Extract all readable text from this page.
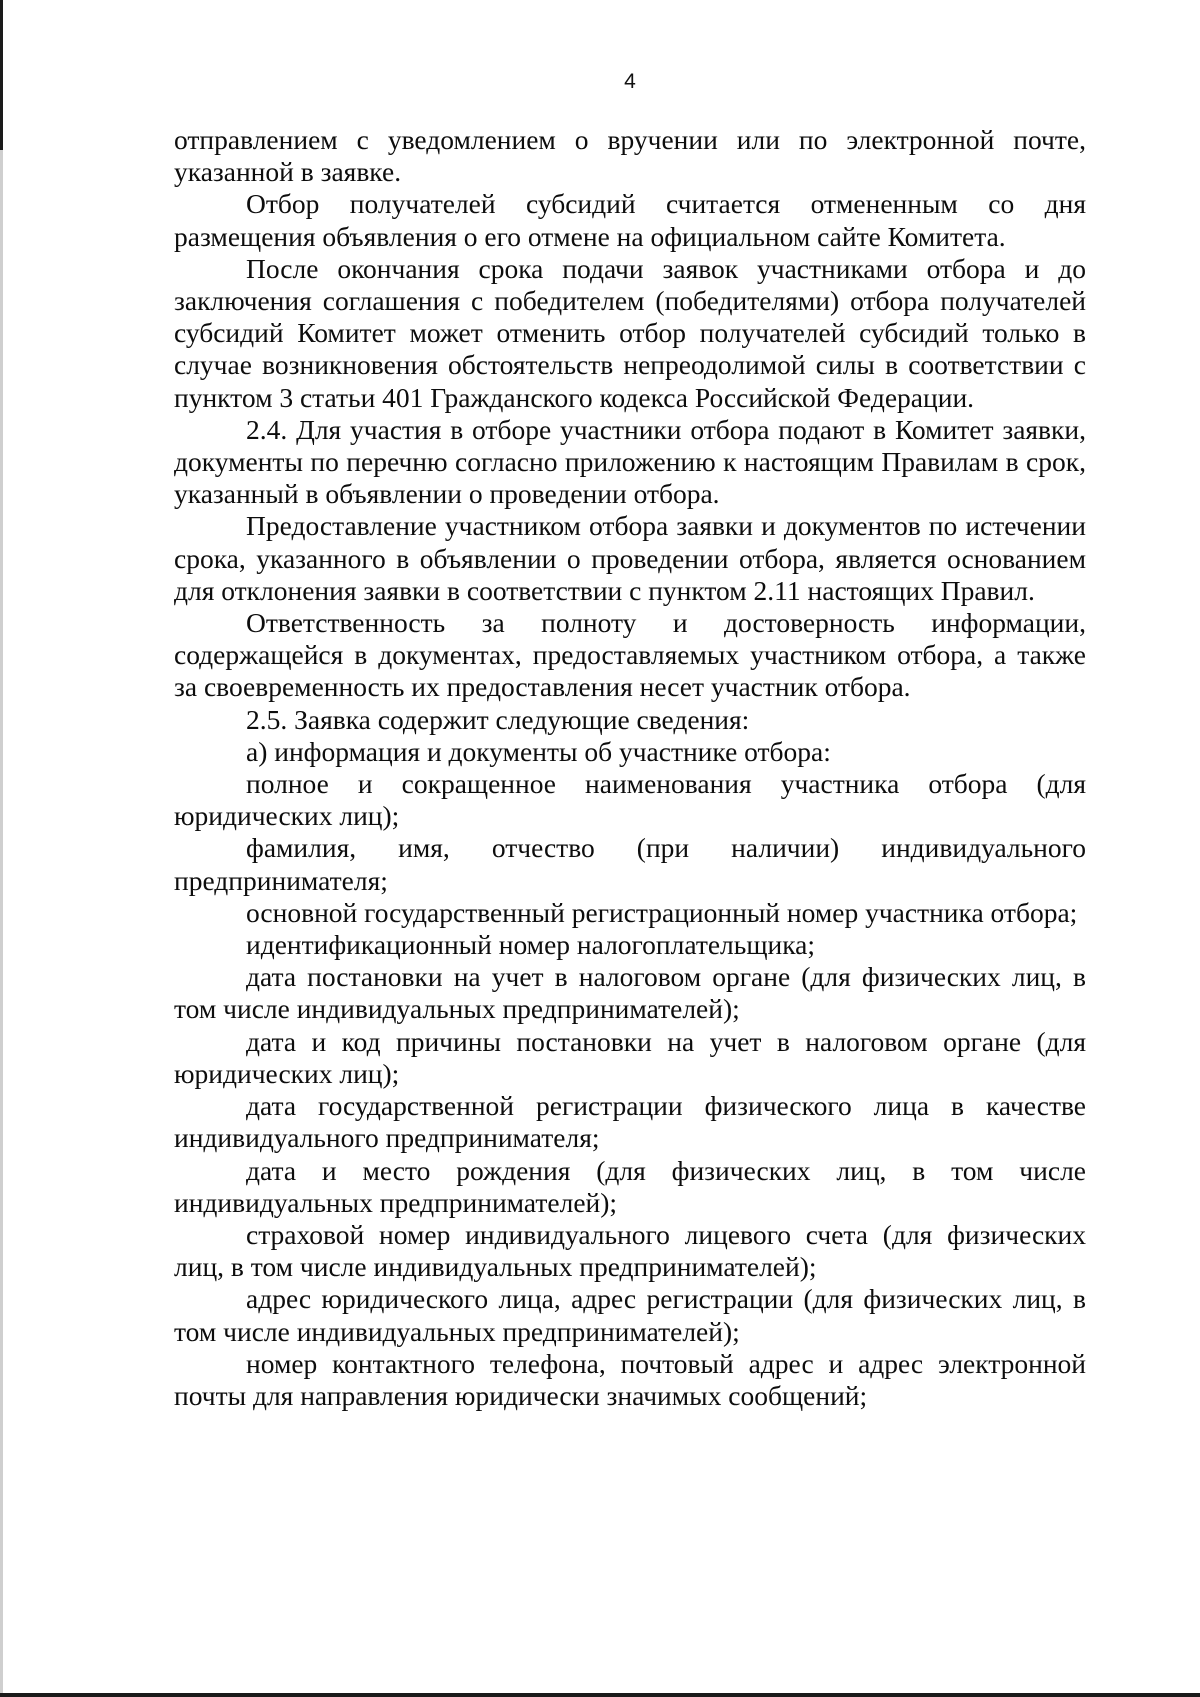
4

отправлением с уведомлением о вручении или по электронной почте, указанной в заявке.

Отбор получателей субсидий считается отмененным со дня размещения объявления о его отмене на официальном сайте Комитета.

После окончания срока подачи заявок участниками отбора и до заключения соглашения с победителем (победителями) отбора получателей субсидий Комитет может отменить отбор получателей субсидий только в случае возникновения обстоятельств непреодолимой силы в соответствии с пунктом 3 статьи 401 Гражданского кодекса Российской Федерации.

2.4. Для участия в отборе участники отбора подают в Комитет заявки, документы по перечню согласно приложению к настоящим Правилам в срок, указанный в объявлении о проведении отбора.

Предоставление участником отбора заявки и документов по истечении срока, указанного в объявлении о проведении отбора, является основанием для отклонения заявки в соответствии с пунктом 2.11 настоящих Правил.

Ответственность за полноту и достоверность информации, содержащейся в документах, предоставляемых участником отбора, а также за своевременность их предоставления несет участник отбора.

2.5. Заявка содержит следующие сведения:

а) информация и документы об участнике отбора:

полное и сокращенное наименования участника отбора (для юридических лиц);

фамилия, имя, отчество (при наличии) индивидуального предпринимателя;

основной государственный регистрационный номер участника отбора;

идентификационный номер налогоплательщика;

дата постановки на учет в налоговом органе (для физических лиц, в том числе индивидуальных предпринимателей);

дата и код причины постановки на учет в налоговом органе (для юридических лиц);

дата государственной регистрации физического лица в качестве индивидуального предпринимателя;

дата и место рождения (для физических лиц, в том числе индивидуальных предпринимателей);

страховой номер индивидуального лицевого счета (для физических лиц, в том числе индивидуальных предпринимателей);

адрес юридического лица, адрес регистрации (для физических лиц, в том числе индивидуальных предпринимателей);

номер контактного телефона, почтовый адрес и адрес электронной почты для направления юридически значимых сообщений;
